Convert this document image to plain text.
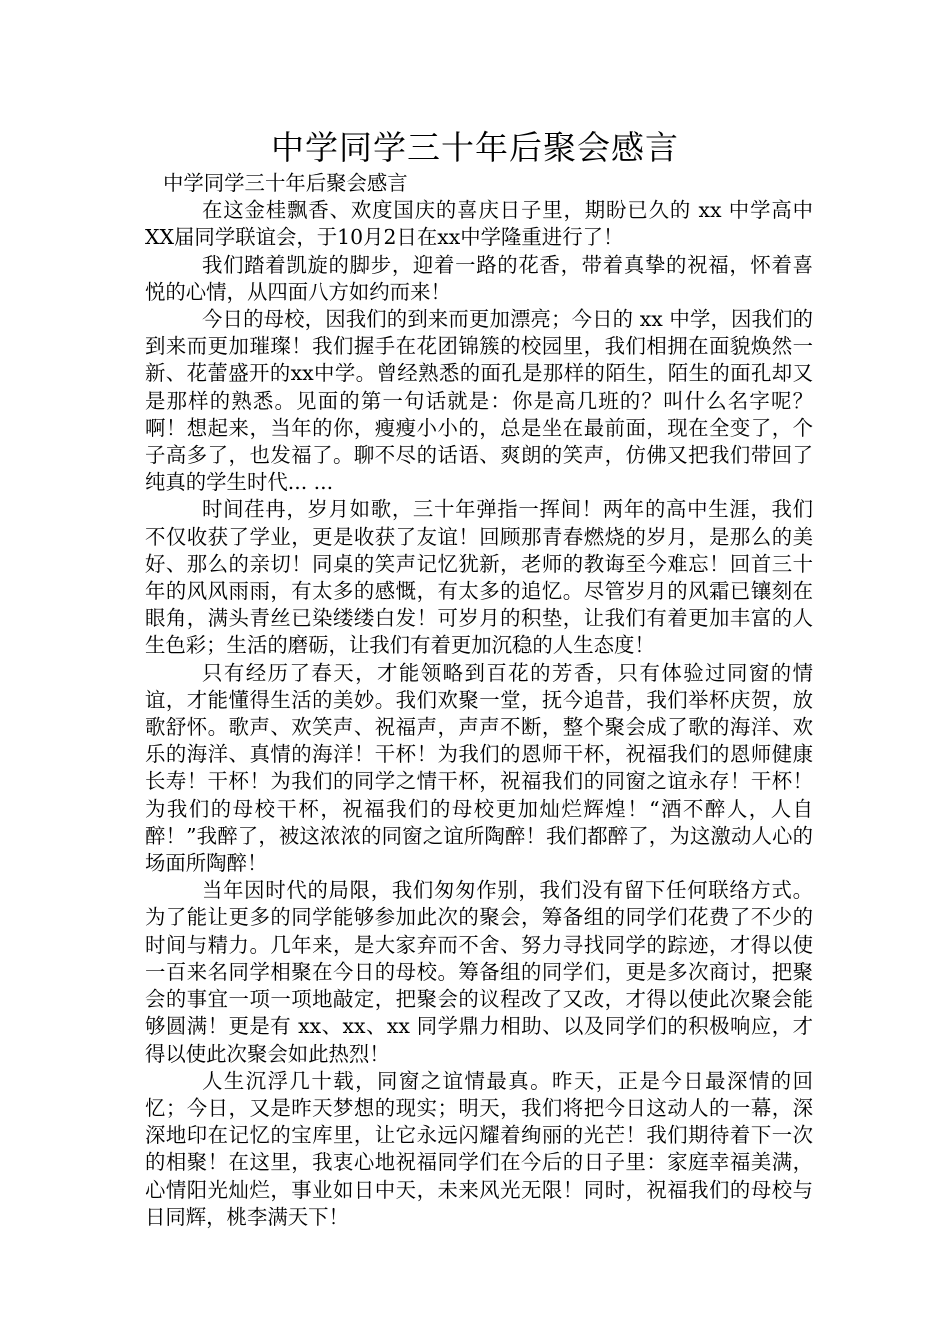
中学同学三十年后聚会感言

中学同学三十年后聚会感言

在这金桂飘香、欢度国庆的喜庆日子里，期盼已久的 xx 中学高中XX届同学联谊会，于10月2日在xx中学隆重进行了！

我们踏着凯旋的脚步，迎着一路的花香，带着真挚的祝福，怀着喜悦的心情，从四面八方如约而来！

今日的母校，因我们的到来而更加漂亮；今日的 xx 中学，因我们的到来而更加璀璨！我们握手在花团锦簇的校园里，我们相拥在面貌焕然一新、花蕾盛开的xx中学。曾经熟悉的面孔是那样的陌生，陌生的面孔却又是那样的熟悉。见面的第一句话就是：你是高几班的？叫什么名字呢？啊！想起来，当年的你，瘦瘦小小的，总是坐在最前面，现在全变了，个子高多了，也发福了。聊不尽的话语、爽朗的笑声，仿佛又把我们带回了纯真的学生时代... ...

时间荏冉，岁月如歌，三十年弹指一挥间！两年的高中生涯，我们不仅收获了学业，更是收获了友谊！回顾那青春燃烧的岁月，是那么的美好、那么的亲切！同桌的笑声记忆犹新，老师的教诲至今难忘！回首三十年的风风雨雨，有太多的感慨，有太多的追忆。尽管岁月的风霜已镶刻在眼角，满头青丝已染缕缕白发！可岁月的积垫，让我们有着更加丰富的人生色彩；生活的磨砺，让我们有着更加沉稳的人生态度！

只有经历了春天，才能领略到百花的芳香，只有体验过同窗的情谊，才能懂得生活的美妙。我们欢聚一堂，抚今追昔，我们举杯庆贺，放歌舒怀。歌声、欢笑声、祝福声，声声不断，整个聚会成了歌的海洋、欢乐的海洋、真情的海洋！干杯！为我们的恩师干杯，祝福我们的恩师健康长寿！干杯！为我们的同学之情干杯，祝福我们的同窗之谊永存！干杯！为我们的母校干杯，祝福我们的母校更加灿烂辉煌！“酒不醉人，人自醉！”我醉了，被这浓浓的同窗之谊所陶醉！我们都醉了，为这激动人心的场面所陶醉！

当年因时代的局限，我们匆匆作别，我们没有留下任何联络方式。为了能让更多的同学能够参加此次的聚会，筹备组的同学们花费了不少的时间与精力。几年来，是大家弃而不舍、努力寻找同学的踪迹，才得以使一百来名同学相聚在今日的母校。筹备组的同学们，更是多次商讨，把聚会的事宜一项一项地敲定，把聚会的议程改了又改，才得以使此次聚会能够圆满！更是有 xx、xx、xx 同学鼎力相助、以及同学们的积极响应，才得以使此次聚会如此热烈！

人生沉浮几十载，同窗之谊情最真。昨天，正是今日最深情的回忆；今日，又是昨天梦想的现实；明天，我们将把今日这动人的一幕，深深地印在记忆的宝库里，让它永远闪耀着绚丽的光芒！我们期待着下一次的相聚！在这里，我衷心地祝福同学们在今后的日子里：家庭幸福美满，心情阳光灿烂，事业如日中天，未来风光无限！同时，祝福我们的母校与日同辉，桃李满天下！
